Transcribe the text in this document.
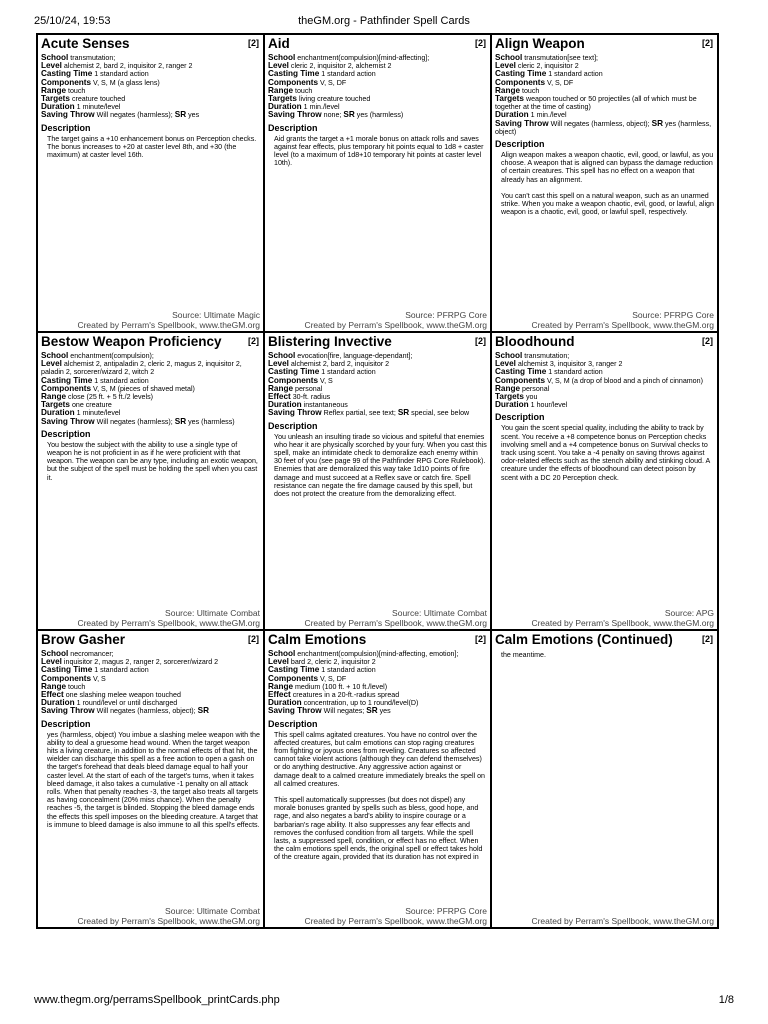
25/10/24, 19:53	theGM.org - Pathfinder Spell Cards
Acute Senses	[2]
School transmutation;
Level alchemist 2, bard 2, inquisitor 2, ranger 2
Casting Time 1 standard action
Components V, S, M (a glass lens)
Range touch
Targets creature touched
Duration 1 minute/level
Saving Throw Will negates (harmless); SR yes
Description

The target gains a +10 enhancement bonus on Perception checks. The bonus increases to +20 at caster level 8th, and +30 (the maximum) at caster level 16th.

Source: Ultimate Magic
Created by Perram's Spellbook, www.theGM.org
Aid	[2]
School enchantment(compulsion)[mind-affecting];
Level cleric 2, inquisitor 2, alchemist 2
Casting Time 1 standard action
Components V, S, DF
Range touch
Targets living creature touched
Duration 1 min./level
Saving Throw none; SR yes (harmless)
Description

Aid grants the target a +1 morale bonus on attack rolls and saves against fear effects, plus temporary hit points equal to 1d8 + caster level (to a maximum of 1d8+10 temporary hit points at caster level 10th).

Source: PFRPG Core
Created by Perram's Spellbook, www.theGM.org
Align Weapon	[2]
School transmutation[see text];
Level cleric 2, inquisitor 2
Casting Time 1 standard action
Components V, S, DF
Range touch
Targets weapon touched or 50 projectiles (all of which must be together at the time of casting)
Duration 1 min./level
Saving Throw Will negates (harmless, object); SR yes (harmless, object)
Description

Align weapon makes a weapon chaotic, evil, good, or lawful, as you choose. A weapon that is aligned can bypass the damage reduction of certain creatures. This spell has no effect on a weapon that already has an alignment.

You can't cast this spell on a natural weapon, such as an unarmed strike. When you make a weapon chaotic, evil, good, or lawful, align weapon is a chaotic, evil, good, or lawful spell, respectively.

Source: PFRPG Core
Created by Perram's Spellbook, www.theGM.org
Bestow Weapon Proficiency	[2]
School enchantment(compulsion);
Level alchemist 2, antipaladin 2, cleric 2, magus 2, inquisitor 2, paladin 2, sorcerer/wizard 2, witch 2
Casting Time 1 standard action
Components V, S, M (pieces of shaved metal)
Range close (25 ft. + 5 ft./2 levels)
Targets one creature
Duration 1 minute/level
Saving Throw Will negates (harmless); SR yes (harmless)
Description

You bestow the subject with the ability to use a single type of weapon he is not proficient in as if he were proficient with that weapon. The weapon can be any type, including an exotic weapon, but the subject of the spell must be holding the spell when you cast it.

Source: Ultimate Combat
Created by Perram's Spellbook, www.theGM.org
Blistering Invective	[2]
School evocation[fire, language-dependant];
Level alchemist 2, bard 2, inquisitor 2
Casting Time 1 standard action
Components V, S
Range personal
Effect 30-ft. radius
Duration instantaneous
Saving Throw Reflex partial, see text; SR special, see below
Description

You unleash an insulting tirade so vicious and spiteful that enemies who hear it are physically scorched by your fury. When you cast this spell, make an intimidate check to demoralize each enemy within 30 feet of you (see page 99 of the Pathfinder RPG Core Rulebook). Enemies that are demoralized this way take 1d10 points of fire damage and must succeed at a Reflex save or catch fire. Spell resistance can negate the fire damage caused by this spell, but does not protect the creature from the demoralizing effect.

Source: Ultimate Combat
Created by Perram's Spellbook, www.theGM.org
Bloodhound	[2]
School transmutation;
Level alchemist 3, inquisitor 3, ranger 2
Casting Time 1 standard action
Components V, S, M (a drop of blood and a pinch of cinnamon)
Range personal
Targets you
Duration 1 hour/level
Description

You gain the scent special quality, including the ability to track by scent. You receive a +8 competence bonus on Perception checks involving smell and a +4 competence bonus on Survival checks to track using scent. You take a -4 penalty on saving throws against odor-related effects such as the stench ability and stinking cloud. A creature under the effects of bloodhound can detect poison by scent with a DC 20 Perception check.

Source: APG
Created by Perram's Spellbook, www.theGM.org
Brow Gasher	[2]
School necromancer;
Level inquisitor 2, magus 2, ranger 2, sorcerer/wizard 2
Casting Time 1 standard action
Components V, S
Range touch
Effect one slashing melee weapon touched
Duration 1 round/level or until discharged
Saving Throw Will negates (harmless, object); SR
Description

yes (harmless, object) You imbue a slashing melee weapon with the ability to deal a gruesome head wound. When the target weapon hits a living creature, in addition to the normal effects of that hit, the wielder can discharge this spell as a free action to open a gash on the target's forehead that deals bleed damage equal to half your caster level. At the start of each of the target's turns, when it takes bleed damage, it also takes a cumulative -1 penalty on all attack rolls. When that penalty reaches -3, the target also treats all targets as having concealment (20% miss chance). When the penalty reaches -5, the target is blinded. Stopping the bleed damage ends the effects this spell imposes on the bleeding creature. A target that is immune to bleed damage is also immune to all this spell's effects.

Source: Ultimate Combat
Created by Perram's Spellbook, www.theGM.org
Calm Emotions	[2]
School enchantment(compulsion)[mind-affecting, emotion];
Level bard 2, cleric 2, inquisitor 2
Casting Time 1 standard action
Components V, S, DF
Range medium (100 ft. + 10 ft./level)
Effect creatures in a 20-ft.-radius spread
Duration concentration, up to 1 round/level(D)
Saving Throw Will negates; SR yes
Description

This spell calms agitated creatures. You have no control over the affected creatures, but calm emotions can stop raging creatures from fighting or joyous ones from reveling. Creatures so affected cannot take violent actions (although they can defend themselves) or do anything destructive. Any aggressive action against or damage dealt to a calmed creature immediately breaks the spell on all calmed creatures.

This spell automatically suppresses (but does not dispel) any morale bonuses granted by spells such as bless, good hope, and rage, and also negates a bard's ability to inspire courage or a barbarian's rage ability. It also suppresses any fear effects and removes the confused condition from all targets. While the spell lasts, a suppressed spell, condition, or effect has no effect. When the calm emotions spell ends, the original spell or effect takes hold of the creature again, provided that its duration has not expired in

Source: PFRPG Core
Created by Perram's Spellbook, www.theGM.org
Calm Emotions (Continued)	[2]

the meantime.

Created by Perram's Spellbook, www.theGM.org
www.thegm.org/perramsSpellbook_printCards.php	1/8
